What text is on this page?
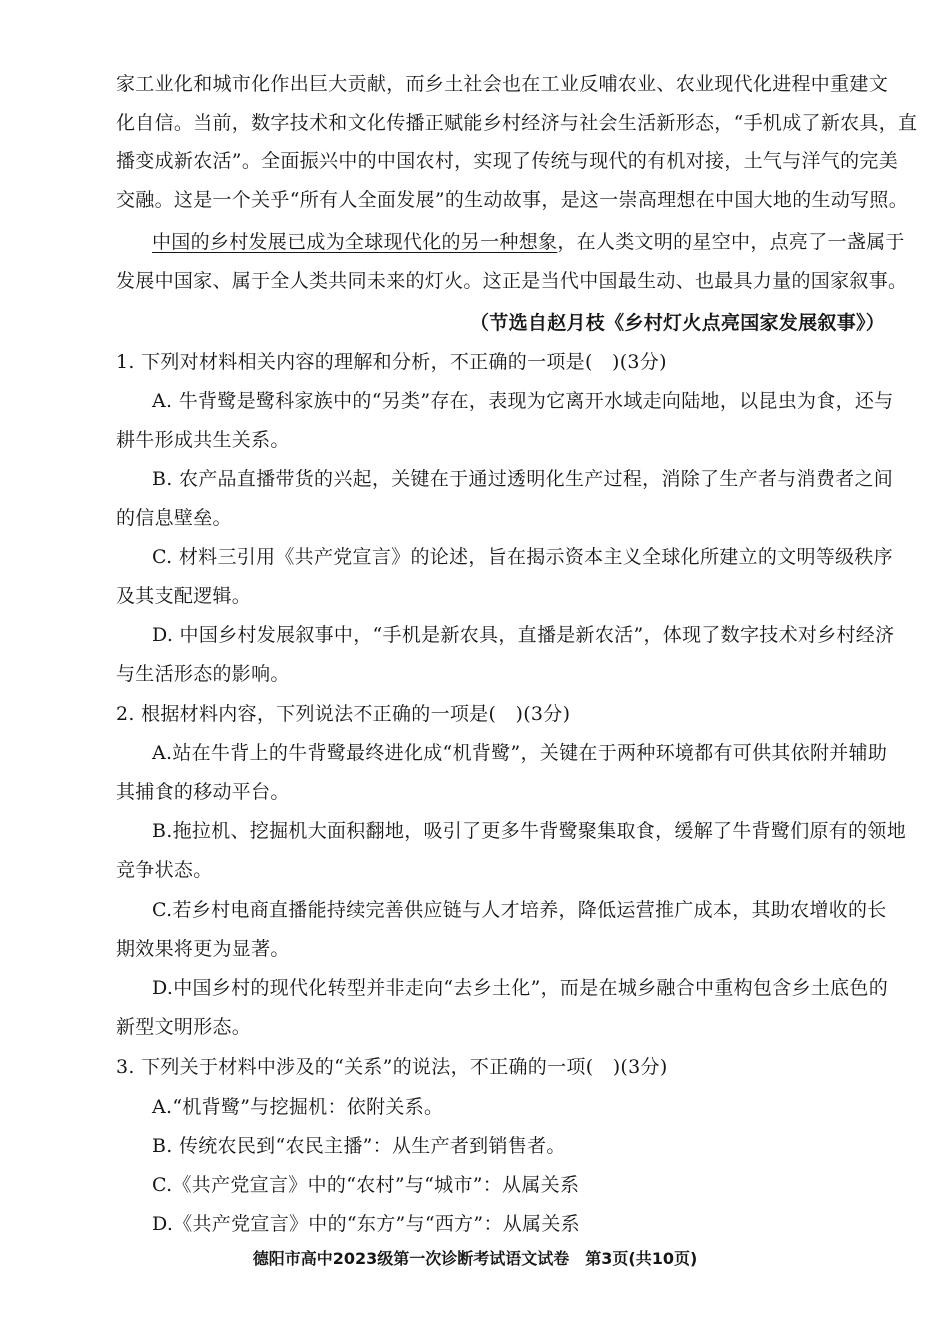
家工业化和城市化作出巨大贡献，而乡土社会也在工业反哺农业、农业现代化进程中重建文
化自信。当前，数字技术和文化传播正赋能乡村经济与社会生活新形态，“手机成了新农具，直
播变成新农活”。全面振兴中的中国农村，实现了传统与现代的有机对接，土气与洋气的完美
交融。这是一个关乎“所有人全面发展”的生动故事，是这一崇高理想在中国大地的生动写照。
中国的乡村发展已成为全球现代化的另一种想象，在人类文明的星空中，点亮了一盏属于
发展中国家、属于全人类共同未来的灯火。这正是当代中国最生动、也最具力量的国家叙事。
（节选自赵月枝《乡村灯火点亮国家发展叙事》）
1. 下列对材料相关内容的理解和分析，不正确的一项是(　)(3分)
A. 牛背鹭是鹭科家族中的“另类”存在，表现为它离开水域走向陆地，以昆虫为食，还与
耕牛形成共生关系。
B. 农产品直播带货的兴起，关键在于通过透明化生产过程，消除了生产者与消费者之间
的信息壁垒。
C. 材料三引用《共产党宣言》的论述，旨在揭示资本主义全球化所建立的文明等级秩序
及其支配逻辑。
D. 中国乡村发展叙事中，“手机是新农具，直播是新农活”，体现了数字技术对乡村经济
与生活形态的影响。
2. 根据材料内容，下列说法不正确的一项是(　)(3分)
A.站在牛背上的牛背鹭最终进化成“机背鹭”，关键在于两种环境都有可供其依附并辅助
其捕食的移动平台。
B.拖拉机、挖掘机大面积翻地，吸引了更多牛背鹭聚集取食，缓解了牛背鹭们原有的领地
竞争状态。
C.若乡村电商直播能持续完善供应链与人才培养，降低运营推广成本，其助农增收的长
期效果将更为显著。
D.中国乡村的现代化转型并非走向“去乡土化”，而是在城乡融合中重构包含乡土底色的
新型文明形态。
3. 下列关于材料中涉及的“关系”的说法，不正确的一项(　)(3分)
A.“机背鹭”与挖掘机：依附关系。
B. 传统农民到“农民主播”：从生产者到销售者。
C.《共产党宣言》中的“农村”与“城市”：从属关系
D.《共产党宣言》中的“东方”与“西方”：从属关系
德阳市高中2023级第一次诊断考试语文试卷　第3页(共10页)
